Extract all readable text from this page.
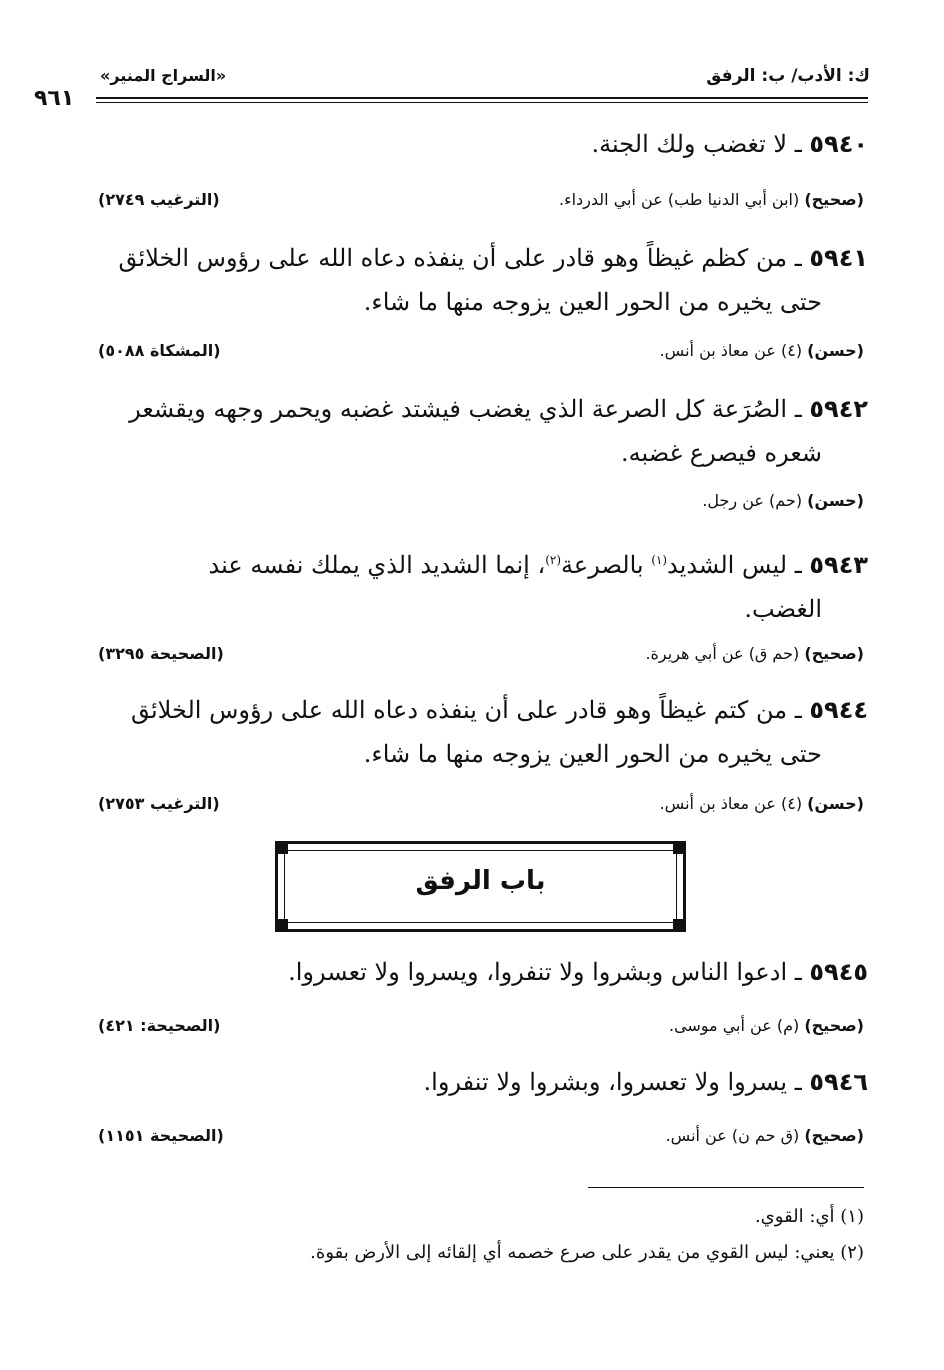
ك: الأدب/ ب: الرفق
«السراج المنير»
٩٦١
٥٩٤٠ ـ لا تغضب ولك الجنة.
(صحيح) (ابن أبي الدنيا طب) عن أبي الدرداء.
(الترغيب ٢٧٤٩)
٥٩٤١ ـ من كظم غيظاً وهو قادر على أن ينفذه دعاه الله على رؤوس الخلائق
حتى يخيره من الحور العين يزوجه منها ما شاء.
(حسن) (٤) عن معاذ بن أنس.
(المشكاة ٥٠٨٨)
٥٩٤٢ ـ الصُرَعة كل الصرعة الذي يغضب فيشتد غضبه ويحمر وجهه ويقشعر
شعره فيصرع غضبه.
(حسن) (حم) عن رجل.
٥٩٤٣ ـ ليس الشديد$^{(١)}$ بالصرعة$^{(٢)}$، إنما الشديد الذي يملك نفسه عند
الغضب.
(صحيح) (حم ق) عن أبي هريرة.
(الصحيحة ٣٢٩٥)
٥٩٤٤ ـ من كتم غيظاً وهو قادر على أن ينفذه دعاه الله على رؤوس الخلائق
حتى يخيره من الحور العين يزوجه منها ما شاء.
(حسن) (٤) عن معاذ بن أنس.
(الترغيب ٢٧٥٣)
باب الرفق
٥٩٤٥ ـ ادعوا الناس وبشروا ولا تنفروا، ويسروا ولا تعسروا.
(صحيح) (م) عن أبي موسى.
(الصحيحة: ٤٢١)
٥٩٤٦ ـ يسروا ولا تعسروا، وبشروا ولا تنفروا.
(صحيح) (ق حم ن) عن أنس.
(الصحيحة ١١٥١)
(١) أي: القوي.
(٢) يعني: ليس القوي من يقدر على صرع خصمه أي إلقائه إلى الأرض بقوة.
